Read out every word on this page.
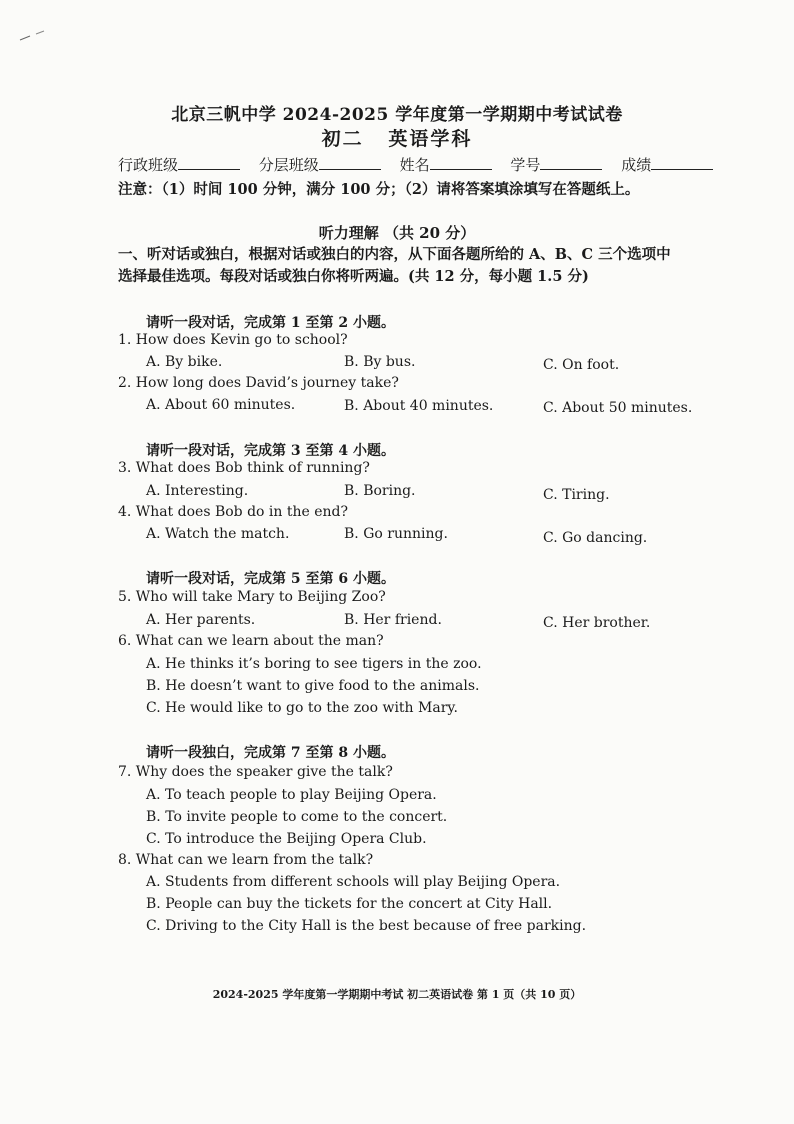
北京三帆中学 2024-2025 学年度第一学期期中考试试卷
初二 英语学科
行政班级	分层班级	姓名	学号	成绩
注意：（1）时间 100 分钟，满分 100 分；（2）请将答案填涂填写在答题纸上。
听力理解 （共 20 分）
一、听对话或独白，根据对话或独白的内容，从下面各题所给的 A、B、C 三个选项中
选择最佳选项。每段对话或独白你将听两遍。(共 12 分，每小题 1.5 分)
请听一段对话，完成第 1 至第 2 小题。
1. How does Kevin go to school?
A. By bike.	B. By bus.	C. On foot.
2. How long does David’s journey take?
A. About 60 minutes.	B. About 40 minutes.	C. About 50 minutes.
请听一段对话，完成第 3 至第 4 小题。
3. What does Bob think of running?
A. Interesting.	B. Boring.	C. Tiring.
4. What does Bob do in the end?
A. Watch the match.	B. Go running.	C. Go dancing.
请听一段对话，完成第 5 至第 6 小题。
5. Who will take Mary to Beijing Zoo?
A. Her parents.	B. Her friend.	C. Her brother.
6. What can we learn about the man?
A. He thinks it’s boring to see tigers in the zoo.
B. He doesn’t want to give food to the animals.
C. He would like to go to the zoo with Mary.
请听一段独白，完成第 7 至第 8 小题。
7. Why does the speaker give the talk?
A. To teach people to play Beijing Opera.
B. To invite people to come to the concert.
C. To introduce the Beijing Opera Club.
8. What can we learn from the talk?
A. Students from different schools will play Beijing Opera.
B. People can buy the tickets for the concert at City Hall.
C. Driving to the City Hall is the best because of free parking.
2024-2025 学年度第一学期期中考试 初二英语试卷 第 1 页（共 10 页）
